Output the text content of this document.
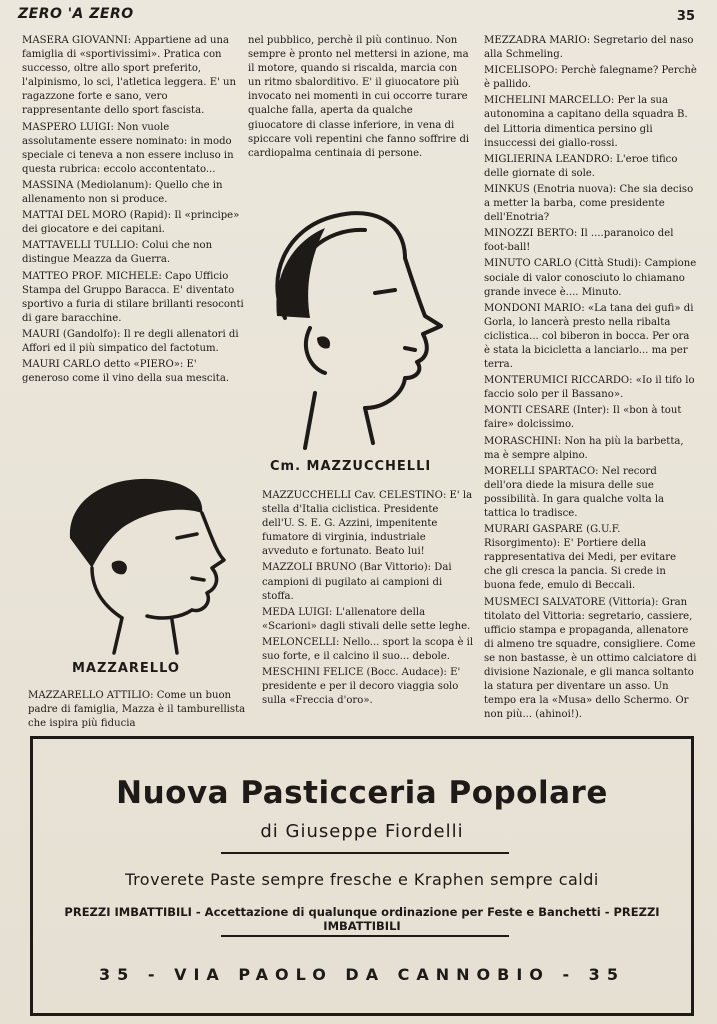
ZERO 'A ZERO	35

MASERA GIOVANNI: Appartiene ad una famiglia di «sportivissimi». Pratica con successo, oltre allo sport preferito, l'alpinismo, lo sci, l'atletica leggera. E' un ragazzone forte e sano, vero rappresentante dello sport fascista.

MASPERO LUIGI: Non vuole assolutamente essere nominato: in modo speciale ci teneva a non essere incluso in questa rubrica: eccolo accontentato...

MASSINA (Mediolanum): Quello che in allenamento non si produce.

MATTAI DEL MORO (Rapid): Il «principe» dei giocatore e dei capitani.

MATTAVELLI TULLIO: Colui che non distingue Meazza da Guerra.

MATTEO PROF. MICHELE: Capo Ufficio Stampa del Gruppo Baracca. E' diventato sportivo a furia di stilare brillanti resoconti di gare baracchine.

MAURI (Gandolfo): Il re degli allenatori di Affori ed il più simpatico del factotum.

MAURI CARLO detto «PIERO»: E' generoso come il vino della sua mescita.

nel pubblico, perchè il più continuo. Non sempre è pronto nel mettersi in azione, ma il motore, quando si riscalda, marcia con un ritmo sbalorditivo. E' il giuocatore più invocato nei momenti in cui occorre turare qualche falla, aperta da qualche giuocatore di classe inferiore, in vena di spiccare voli repentini che fanno soffrire di cardiopalma centinaia di persone.

Cm. MAZZUCCHELLI

MAZZUCCHELLI Cav. CELESTINO: E' la stella d'Italia ciclistica. Presidente dell'U. S. E. G. Azzini, impenitente fumatore di virginia, industriale avveduto e fortunato. Beato lui!

MAZZOLI BRUNO (Bar Vittorio): Dai campioni di pugilato ai campioni di stoffa.

MEDA LUIGI: L'allenatore della «Scarioni» dagli stivali delle sette leghe.

MELONCELLI: Nello... sport la scopa è il suo forte, e il calcino il suo... debole.

MESCHINI FELICE (Bocc. Audace): E' presidente e per il decoro viaggia solo sulla «Freccia d'oro».

MAZZARELLO

MAZZARELLO ATTILIO: Come un buon padre di famiglia, Mazza è il tamburellista che ispira più fiducia

MEZZADRA MARIO: Segretario del naso alla Schmeling.

MICELISOPO: Perchè falegname? Perchè è pallido.

MICHELINI MARCELLO: Per la sua autonomina a capitano della squadra B. del Littoria dimentica persino gli insuccessi dei giallo-rossi.

MIGLIERINA LEANDRO: L'eroe tifico delle giornate di sole.

MINKUS (Enotria nuova): Che sia deciso a metter la barba, come presidente dell'Enotria?

MINOZZI BERTO: Il ....paranoico del foot-ball!

MINUTO CARLO (Città Studi): Campione sociale di valor conosciuto lo chiamano grande invece è.... Minuto.

MONDONI MARIO: «La tana dei gufi» di Gorla, lo lancerà presto nella ribalta ciclistica... col biberon in bocca. Per ora è stata la bicicletta a lanciarlo... ma per terra.

MONTERUMICI RICCARDO: «Io il tifo lo faccio solo per il Bassano».

MONTI CESARE (Inter): Il «bon à tout faire» dolcissimo.

MORASCHINI: Non ha più la barbetta, ma è sempre alpino.

MORELLI SPARTACO: Nel record dell'ora diede la misura delle sue possibilità. In gara qualche volta la tattica lo tradisce.

MURARI GASPARE (G.U.F. Risorgimento): E' Portiere della rappresentativa dei Medi, per evitare che gli cresca la pancia. Si crede in buona fede, emulo di Beccali.

MUSMECI SALVATORE (Vittoria): Gran titolato del Vittoria: segretario, cassiere, ufficio stampa e propaganda, allenatore di almeno tre squadre, consigliere. Come se non bastasse, è un ottimo calciatore di divisione Nazionale, e gli manca soltanto la statura per diventare un asso. Un tempo era la «Musa» dello Schermo. Or non più... (ahinoi!).

Nuova Pasticceria Popolare
di Giuseppe Fiordelli
Troverete Paste sempre fresche e Kraphen sempre caldi
PREZZI IMBATTIBILI - Accettazione di qualunque ordinazione per Feste e Banchetti - PREZZI IMBATTIBILI
35 - VIA PAOLO DA CANNOBIO - 35
